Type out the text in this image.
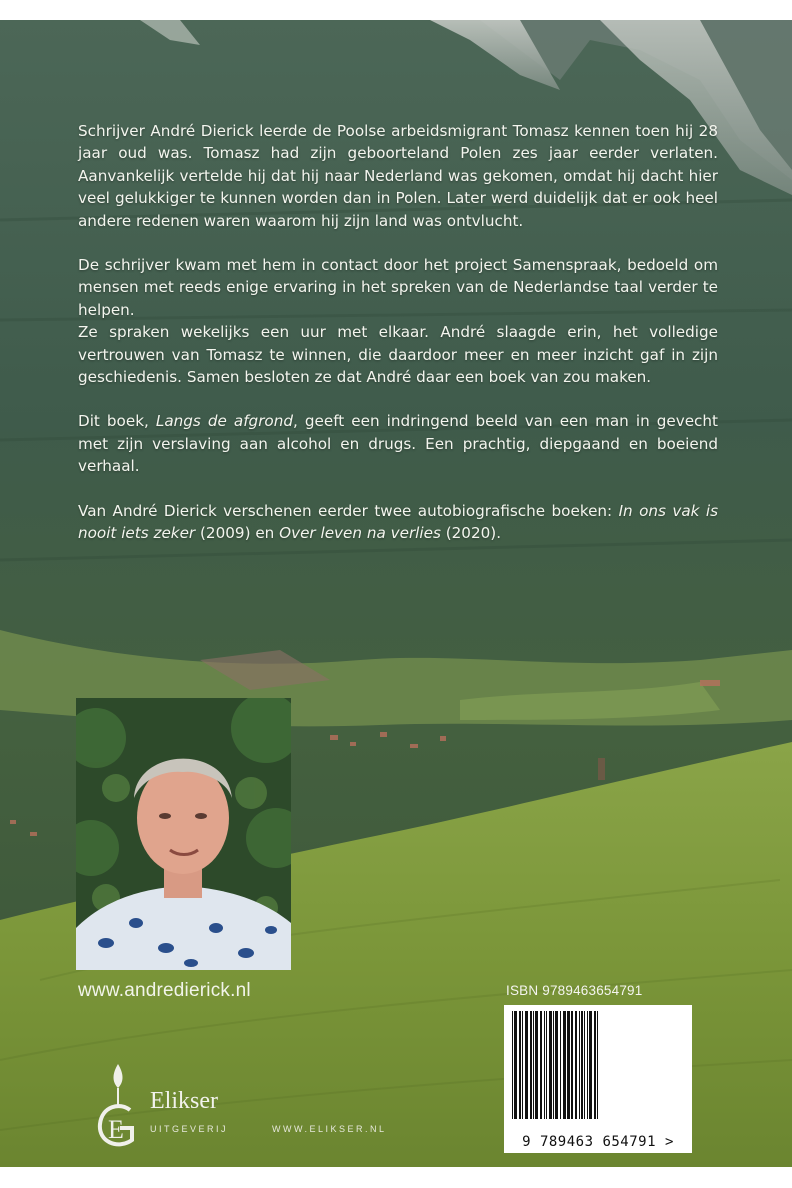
Schrijver André Dierick leerde de Poolse arbeidsmigrant Tomasz kennen toen hij 28 jaar oud was. Tomasz had zijn geboorteland Polen zes jaar eerder verlaten. Aanvankelijk vertelde hij dat hij naar Nederland was gekomen, omdat hij dacht hier veel gelukkiger te kunnen worden dan in Polen. Later werd duidelijk dat er ook heel andere redenen waren waarom hij zijn land was ontvlucht.

De schrijver kwam met hem in contact door het project Samenspraak, bedoeld om mensen met reeds enige ervaring in het spreken van de Nederlandse taal verder te helpen.

Ze spraken wekelijks een uur met elkaar. André slaagde erin, het volledige vertrouwen van Tomasz te winnen, die daardoor meer en meer inzicht gaf in zijn geschiedenis. Samen besloten ze dat André daar een boek van zou maken.

Dit boek, Langs de afgrond, geeft een indringend beeld van een man in gevecht met zijn verslaving aan alcohol en drugs. Een prachtig, diepgaand en boeiend verhaal.

Van André Dierick verschenen eerder twee autobiografische boeken: In ons vak is nooit iets zeker (2009) en Over leven na verlies (2020).

www.andredierick.nl	ISBN 9789463654791
9 789463 654791 >
E
Elikser
UITGEVERIJ	WWW.ELIKSER.NL
